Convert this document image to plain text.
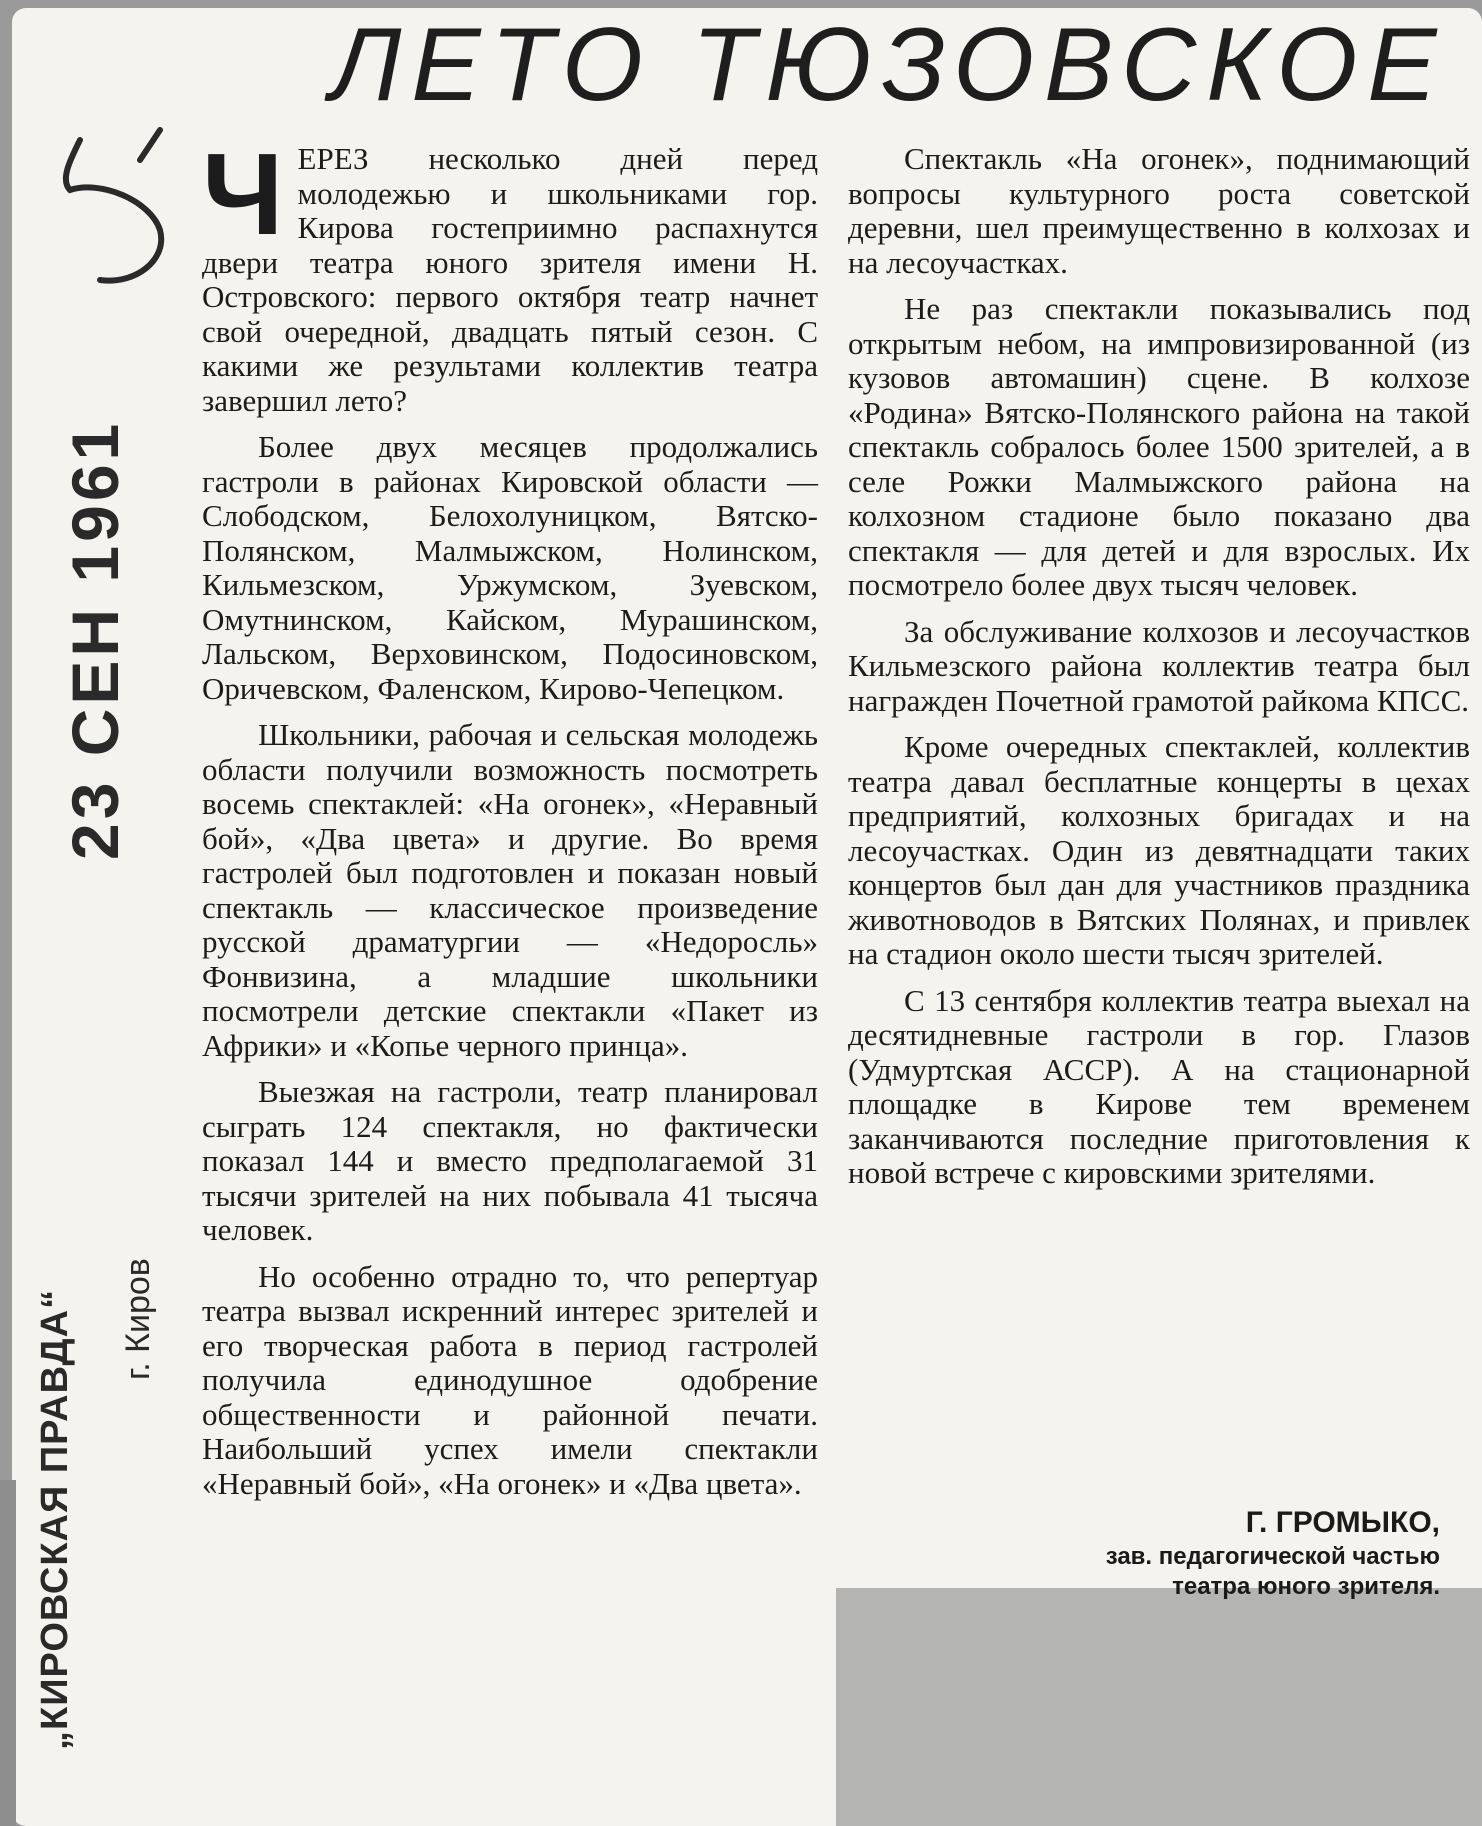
ЛЕТО ТЮЗОВСКОЕ
23 СЕН 1961
„КИРОВСКАЯ ПРАВДА“ г. Киров
Ч ЕРЕЗ несколько дней перед молодежью и школьниками гор. Кирова гостеприимно распахнутся двери театра юного зрителя имени Н. Островского: первого октября театр начнет свой очередной, двадцать пятый сезон. С какими же результами коллектив театра завершил лето?

Более двух месяцев продолжались гастроли в районах Кировской области — Слободском, Белохолуницком, Вятско-Полянском, Малмыжском, Нолинском, Кильмезском, Уржумском, Зуевском, Омутнинском, Кайском, Мурашинском, Лальском, Верховинском, Подосиновском, Оричевском, Фаленском, Кирово-Чепецком.

Школьники, рабочая и сельская молодежь области получили возможность посмотреть восемь спектаклей: «На огонек», «Неравный бой», «Два цвета» и другие. Во время гастролей был подготовлен и показан новый спектакль — классическое произведение русской драматургии — «Недоросль» Фонвизина, а младшие школьники посмотрели детские спектакли «Пакет из Африки» и «Копье черного принца».

Выезжая на гастроли, театр планировал сыграть 124 спектакля, но фактически показал 144 и вместо предполагаемой 31 тысячи зрителей на них побывала 41 тысяча человек.

Но особенно отрадно то, что репертуар театра вызвал искренний интерес зрителей и его творческая работа в период гастролей получила единодушное одобрение общественности и районной печати. Наибольший успех имели спектакли «Неравный бой», «На огонек» и «Два цвета».

Спектакль «На огонек», поднимающий вопросы культурного роста советской деревни, шел преимущественно в колхозах и на лесоучастках.

Не раз спектакли показывались под открытым небом, на импровизированной (из кузовов автомашин) сцене. В колхозе «Родина» Вятско-Полянского района на такой спектакль собралось более 1500 зрителей, а в селе Рожки Малмыжского района на колхозном стадионе было показано два спектакля — для детей и для взрослых. Их посмотрело более двух тысяч человек.

За обслуживание колхозов и лесоучастков Кильмезского района коллектив театра был награжден Почетной грамотой райкома КПСС.

Кроме очередных спектаклей, коллектив театра давал бесплатные концерты в цехах предприятий, колхозных бригадах и на лесоучастках. Один из девятнадцати таких концертов был дан для участников праздника животноводов в Вятских Полянах, и привлек на стадион около шести тысяч зрителей.

С 13 сентября коллектив театра выехал на десятидневные гастроли в гор. Глазов (Удмуртская АССР). А на стационарной площадке в Кирове тем временем заканчиваются последние приготовления к новой встрече с кировскими зрителями.

Г. ГРОМЫКО,
зав. педагогической частью
театра юного зрителя.
